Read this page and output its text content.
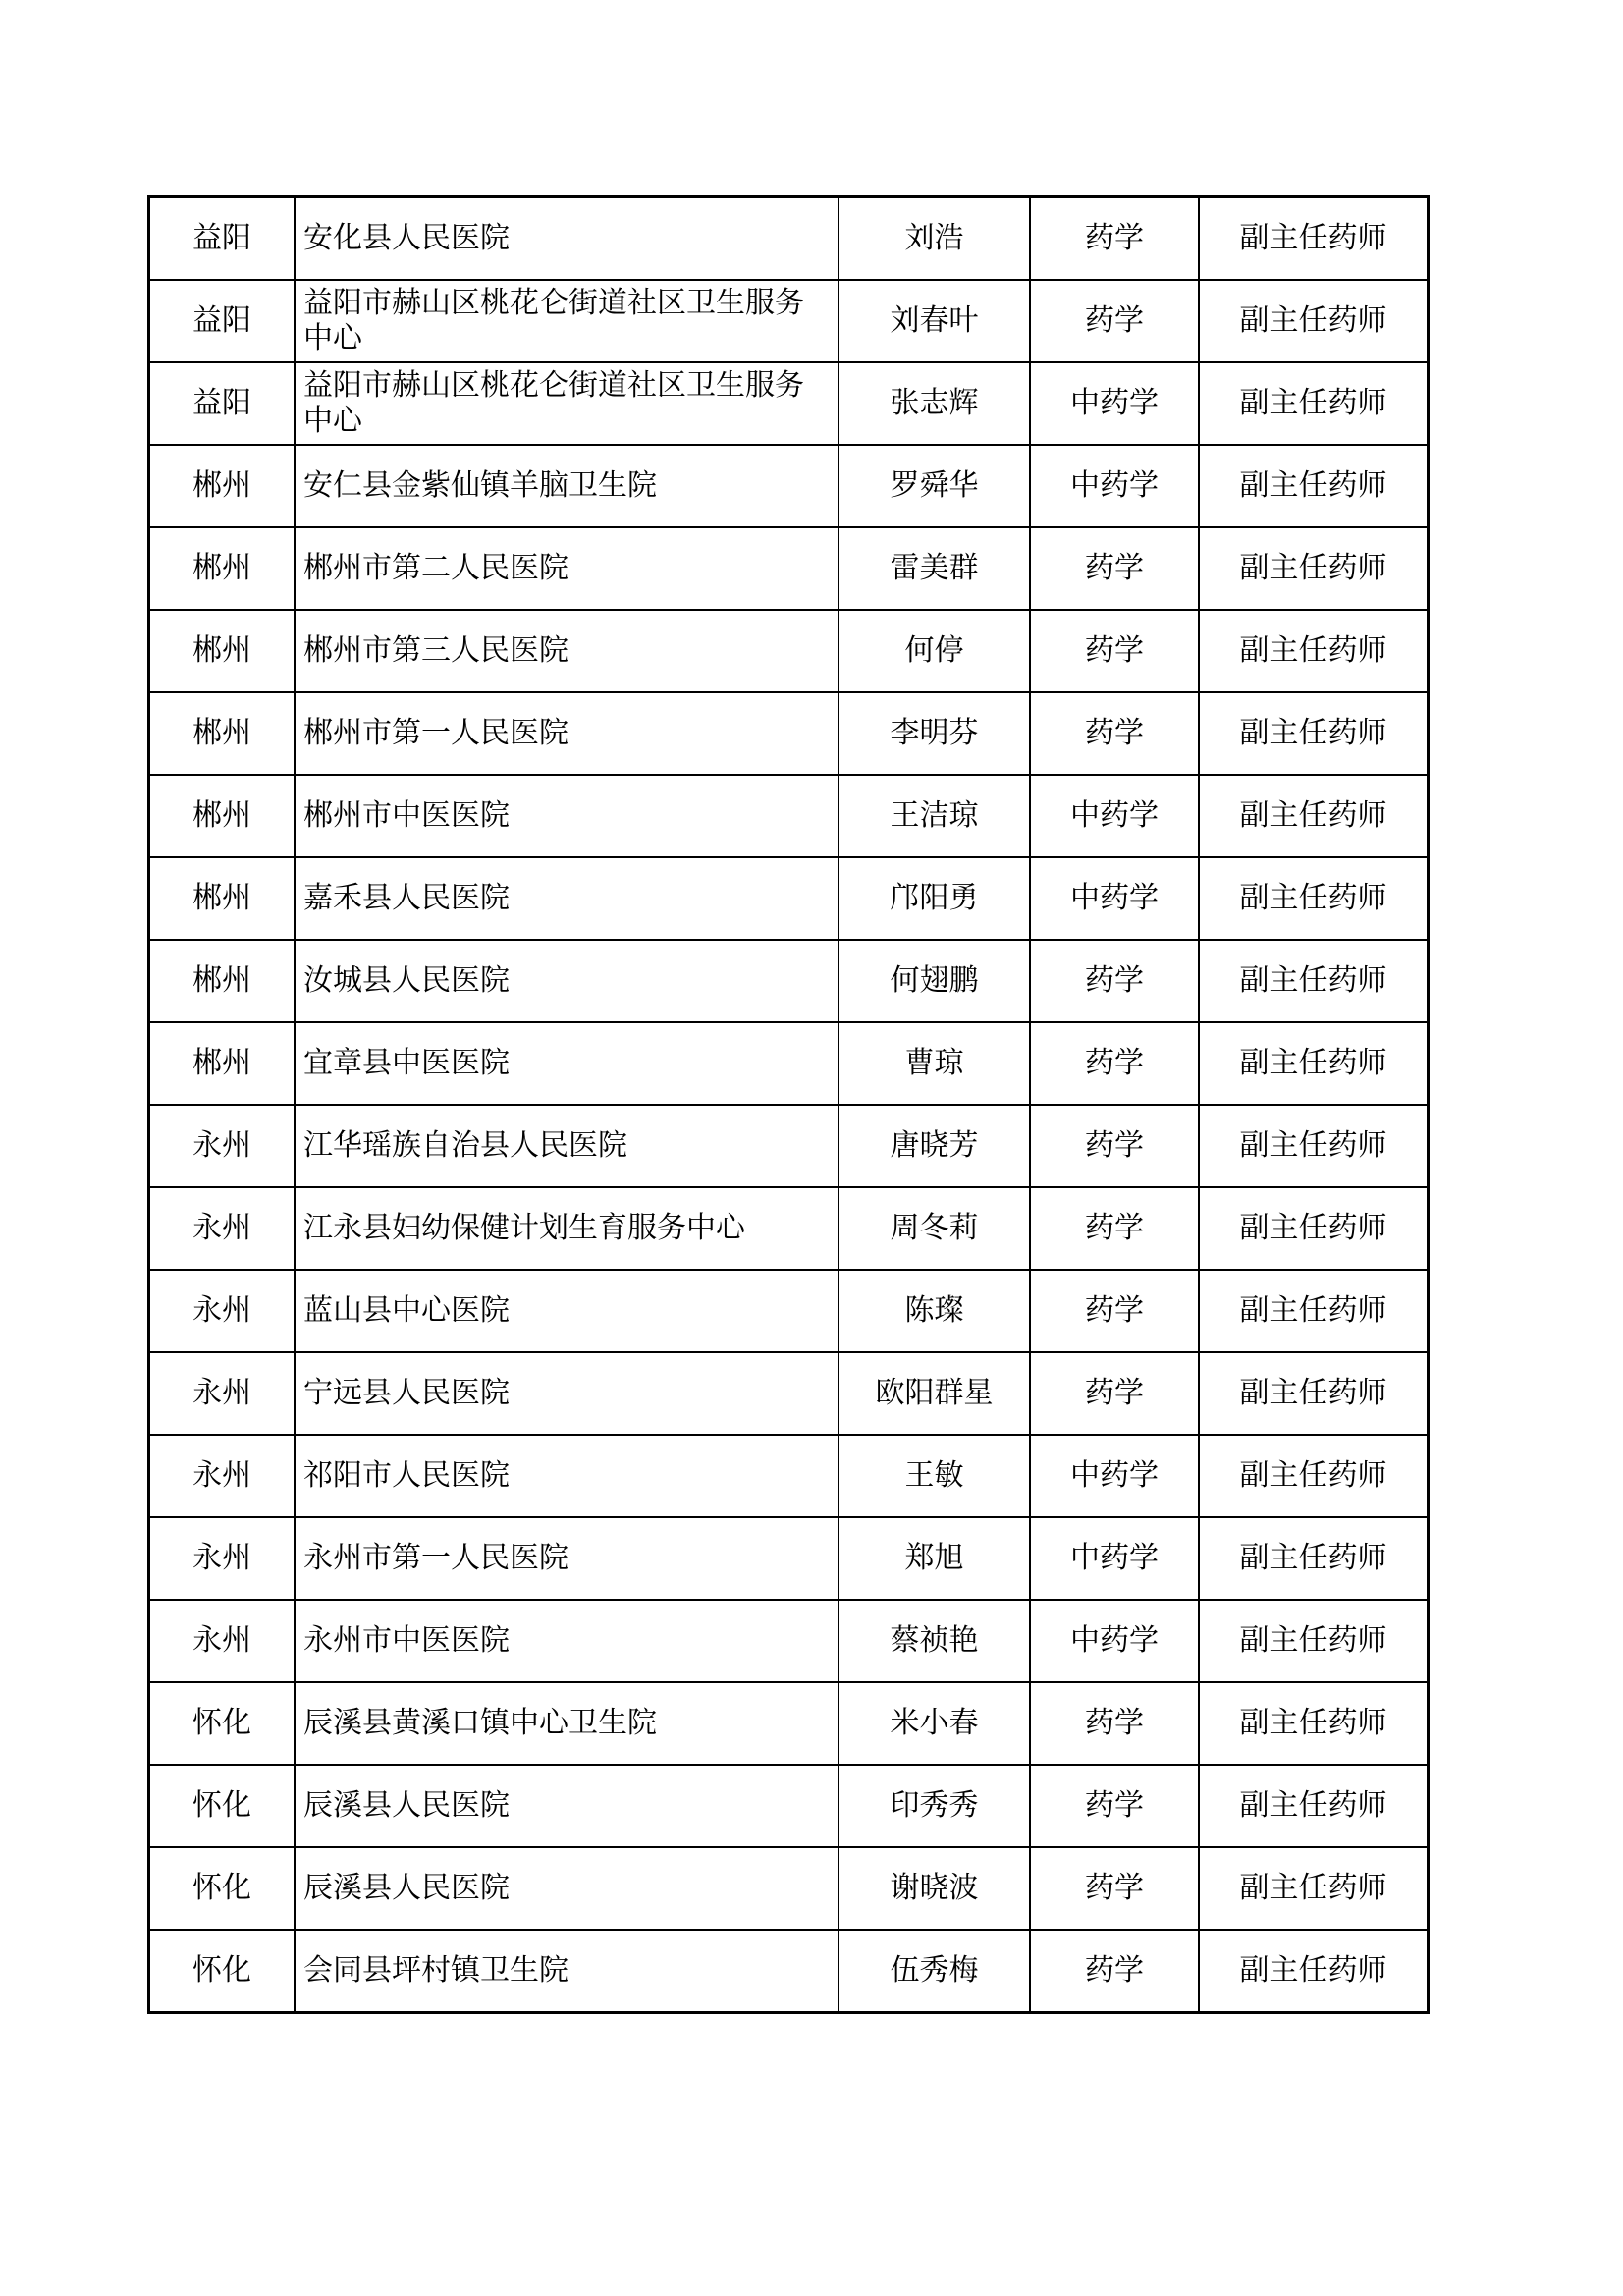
益阳	安化县人民医院	刘浩	药学	副主任药师
益阳	益阳市赫山区桃花仑街道社区卫生服务中心	刘春叶	药学	副主任药师
益阳	益阳市赫山区桃花仑街道社区卫生服务中心	张志辉	中药学	副主任药师
郴州	安仁县金紫仙镇羊脑卫生院	罗舜华	中药学	副主任药师
郴州	郴州市第二人民医院	雷美群	药学	副主任药师
郴州	郴州市第三人民医院	何停	药学	副主任药师
郴州	郴州市第一人民医院	李明芬	药学	副主任药师
郴州	郴州市中医医院	王洁琼	中药学	副主任药师
郴州	嘉禾县人民医院	邝阳勇	中药学	副主任药师
郴州	汝城县人民医院	何翅鹏	药学	副主任药师
郴州	宜章县中医医院	曹琼	药学	副主任药师
永州	江华瑶族自治县人民医院	唐晓芳	药学	副主任药师
永州	江永县妇幼保健计划生育服务中心	周冬莉	药学	副主任药师
永州	蓝山县中心医院	陈璨	药学	副主任药师
永州	宁远县人民医院	欧阳群星	药学	副主任药师
永州	祁阳市人民医院	王敏	中药学	副主任药师
永州	永州市第一人民医院	郑旭	中药学	副主任药师
永州	永州市中医医院	蔡祯艳	中药学	副主任药师
怀化	辰溪县黄溪口镇中心卫生院	米小春	药学	副主任药师
怀化	辰溪县人民医院	印秀秀	药学	副主任药师
怀化	辰溪县人民医院	谢晓波	药学	副主任药师
怀化	会同县坪村镇卫生院	伍秀梅	药学	副主任药师
